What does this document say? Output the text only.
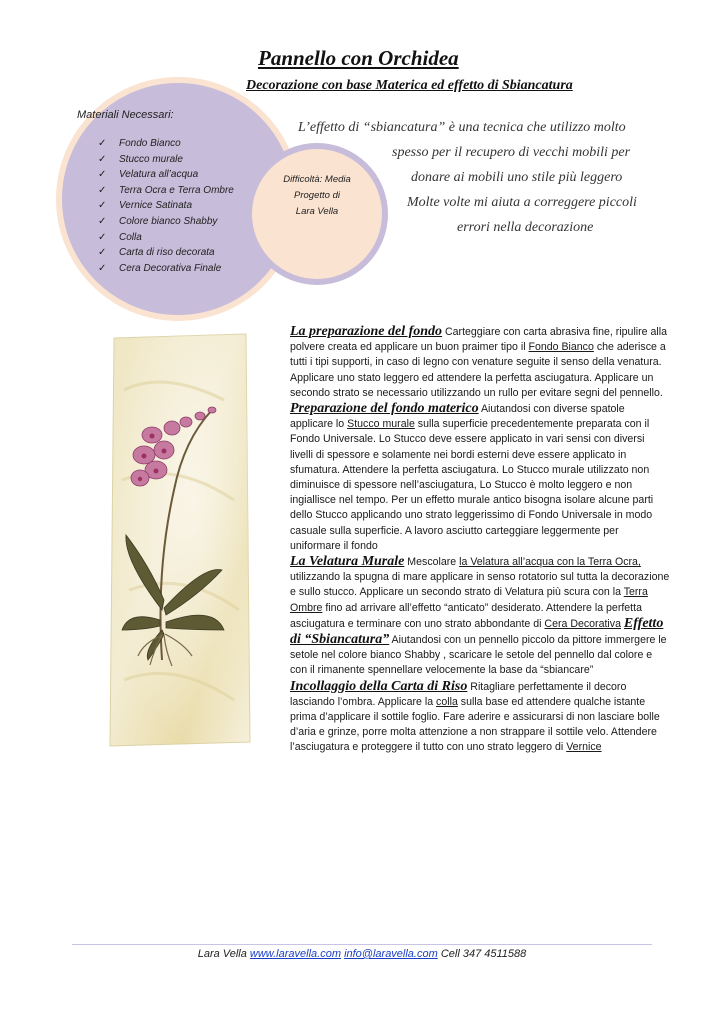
Pannello con Orchidea
Decorazione con base Materica ed effetto di Sbiancatura
Materiali Necessari:
✓ Fondo Bianco
✓ Stucco murale
✓ Velatura all’acqua
✓ Terra Ocra e Terra Ombre
✓ Vernice Satinata
✓ Colore bianco Shabby
✓ Colla
✓ Carta di riso decorata
✓ Cera Decorativa Finale
Difficoltà: Media
Progetto di
Lara Vella
L’effetto di “sbiancatura” è una tecnica che utilizzo molto
spesso per il recupero di vecchi mobili per
donare ai mobili uno stile più leggero
Molte volte mi aiuta a correggere piccoli
errori nella decorazione

La preparazione del fondo Carteggiare con carta abrasiva fine, ripulire alla polvere creata ed applicare un buon praimer tipo il Fondo Bianco che aderisce a tutti i tipi supporti, in caso di legno con venature seguite il senso della venatura. Applicare uno stato leggero ed attendere la perfetta asciugatura. Applicare un secondo strato se necessario utilizzando un rullo per evitare segni del pennello. Preparazione del fondo materico Aiutandosi con diverse spatole applicare lo Stucco murale sulla superficie precedentemente preparata con il Fondo Universale. Lo Stucco deve essere applicato in vari sensi con diversi livelli di spessore e solamente nei bordi esterni deve essere applicato in sfumatura. Attendere la perfetta asciugatura. Lo Stucco murale utilizzato non diminuisce di spessore nell’asciugatura, Lo Stucco è molto leggero e non ingiallisce nel tempo. Per un effetto murale antico bisogna isolare alcune parti dello Stucco applicando uno strato leggerissimo di Fondo Universale in modo casuale sulla superficie. A lavoro asciutto carteggiare leggermente per uniformare il fondo

La Velatura Murale Mescolare la Velatura all’acqua con la Terra Ocra, utilizzando la spugna di mare applicare in senso rotatorio sul tutta la decorazione e sullo stucco. Applicare un secondo strato di Velatura più scura con la Terra Ombre fino ad arrivare all’effetto “anticato” desiderato. Attendere la perfetta asciugatura e terminare con uno strato abbondante di Cera Decorativa Effetto di “Sbiancatura” Aiutandosi con un pennello piccolo da pittore immergere le setole nel colore bianco Shabby , scaricare le setole del pennello dal colore e con il rimanente spennellare velocemente la base da “sbiancare”

Incollaggio della Carta di Riso Ritagliare perfettamente il decoro lasciando l’ombra. Applicare la colla sulla base ed attendere qualche istante prima d’applicare il sottile foglio. Fare aderire e assicurarsi di non lasciare bolle d’aria e grinze, porre molta attenzione a non strappare il sottile velo. Attendere l’asciugatura e proteggere il tutto con uno strato leggero di Vernice

Lara Vella www.laravella.com info@laravella.com Cell 347 4511588
